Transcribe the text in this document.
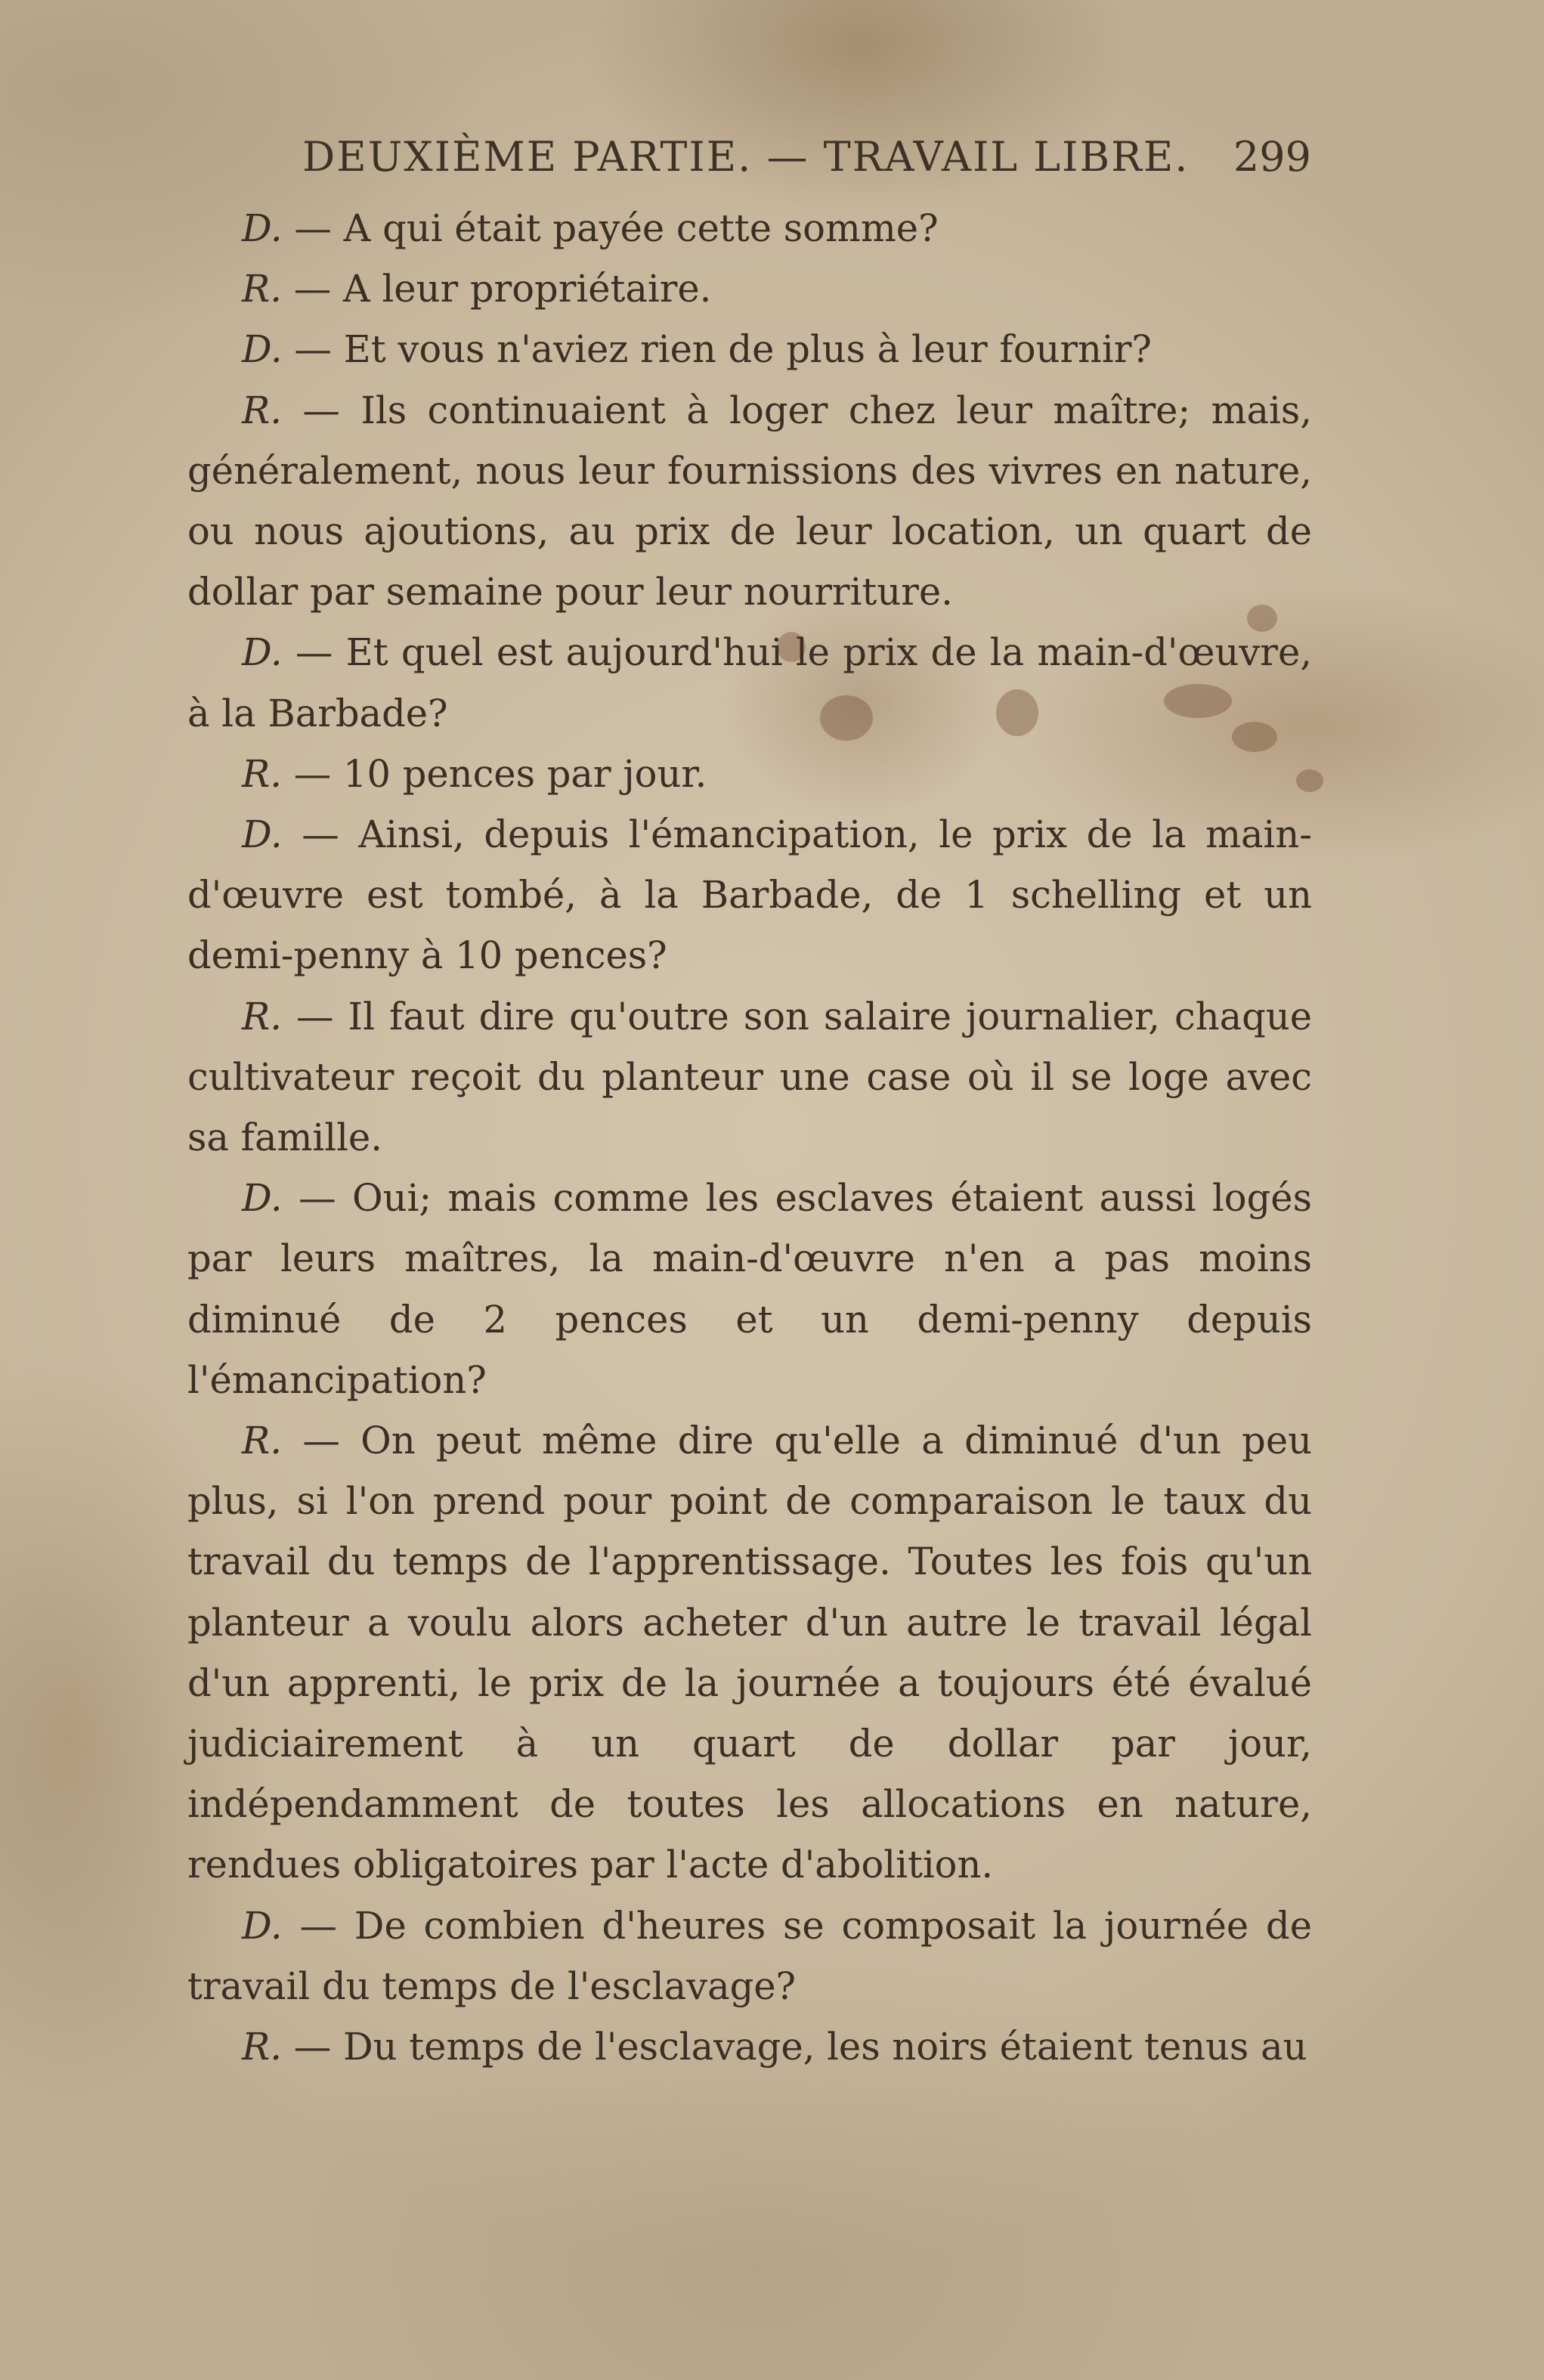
DEUXIÈME PARTIE. — TRAVAIL LIBRE. 299

D. — A qui était payée cette somme?

R. — A leur propriétaire.

D. — Et vous n'aviez rien de plus à leur fournir?

R. — Ils continuaient à loger chez leur maître; mais, généralement, nous leur fournissions des vivres en nature, ou nous ajoutions, au prix de leur location, un quart de dollar par semaine pour leur nourriture.

D. — Et quel est aujourd'hui le prix de la main-d'œuvre, à la Barbade?

R. — 10 pences par jour.

D. — Ainsi, depuis l'émancipation, le prix de la main-d'œuvre est tombé, à la Barbade, de 1 schelling et un demi-penny à 10 pences?

R. — Il faut dire qu'outre son salaire journalier, chaque cultivateur reçoit du planteur une case où il se loge avec sa famille.

D. — Oui; mais comme les esclaves étaient aussi logés par leurs maîtres, la main-d'œuvre n'en a pas moins diminué de 2 pences et un demi-penny depuis l'émancipation?

R. — On peut même dire qu'elle a diminué d'un peu plus, si l'on prend pour point de comparaison le taux du travail du temps de l'apprentissage. Toutes les fois qu'un planteur a voulu alors acheter d'un autre le travail légal d'un apprenti, le prix de la journée a toujours été évalué judiciairement à un quart de dollar par jour, indépendamment de toutes les allocations en nature, rendues obligatoires par l'acte d'abolition.

D. — De combien d'heures se composait la journée de travail du temps de l'esclavage?

R. — Du temps de l'esclavage, les noirs étaient tenus au
